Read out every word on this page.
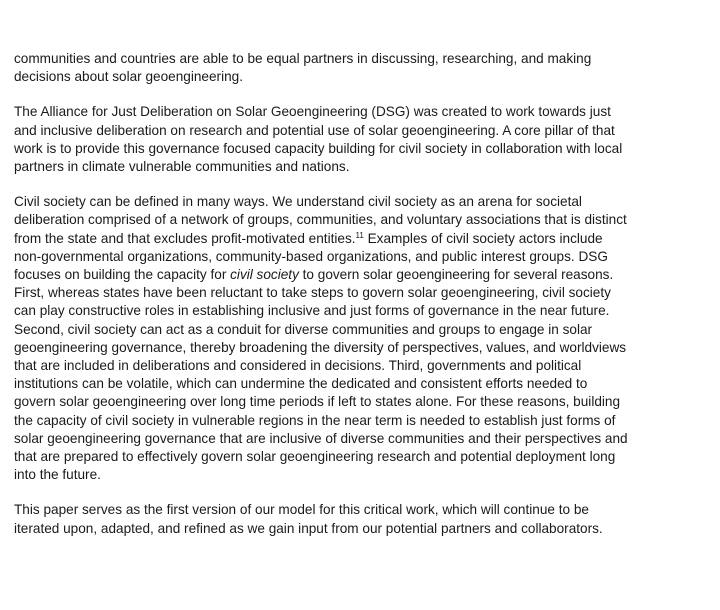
communities and countries are able to be equal partners in discussing, researching, and making
decisions about solar geoengineering.

The Alliance for Just Deliberation on Solar Geoengineering (DSG) was created to work towards just
and inclusive deliberation on research and potential use of solar geoengineering. A core pillar of that
work is to provide this governance focused capacity building for civil society in collaboration with local
partners in climate vulnerable communities and nations.

Civil society can be defined in many ways. We understand civil society as an arena for societal
deliberation comprised of a network of groups, communities, and voluntary associations that is distinct
from the state and that excludes profit-motivated entities.$^{11}$ Examples of civil society actors include
non-governmental organizations, community-based organizations, and public interest groups. DSG
focuses on building the capacity for civil society to govern solar geoengineering for several reasons.
First, whereas states have been reluctant to take steps to govern solar geoengineering, civil society
can play constructive roles in establishing inclusive and just forms of governance in the near future.
Second, civil society can act as a conduit for diverse communities and groups to engage in solar
geoengineering governance, thereby broadening the diversity of perspectives, values, and worldviews
that are included in deliberations and considered in decisions. Third, governments and political
institutions can be volatile, which can undermine the dedicated and consistent efforts needed to
govern solar geoengineering over long time periods if left to states alone. For these reasons, building
the capacity of civil society in vulnerable regions in the near term is needed to establish just forms of
solar geoengineering governance that are inclusive of diverse communities and their perspectives and
that are prepared to effectively govern solar geoengineering research and potential deployment long
into the future.

This paper serves as the first version of our model for this critical work, which will continue to be
iterated upon, adapted, and refined as we gain input from our potential partners and collaborators.
